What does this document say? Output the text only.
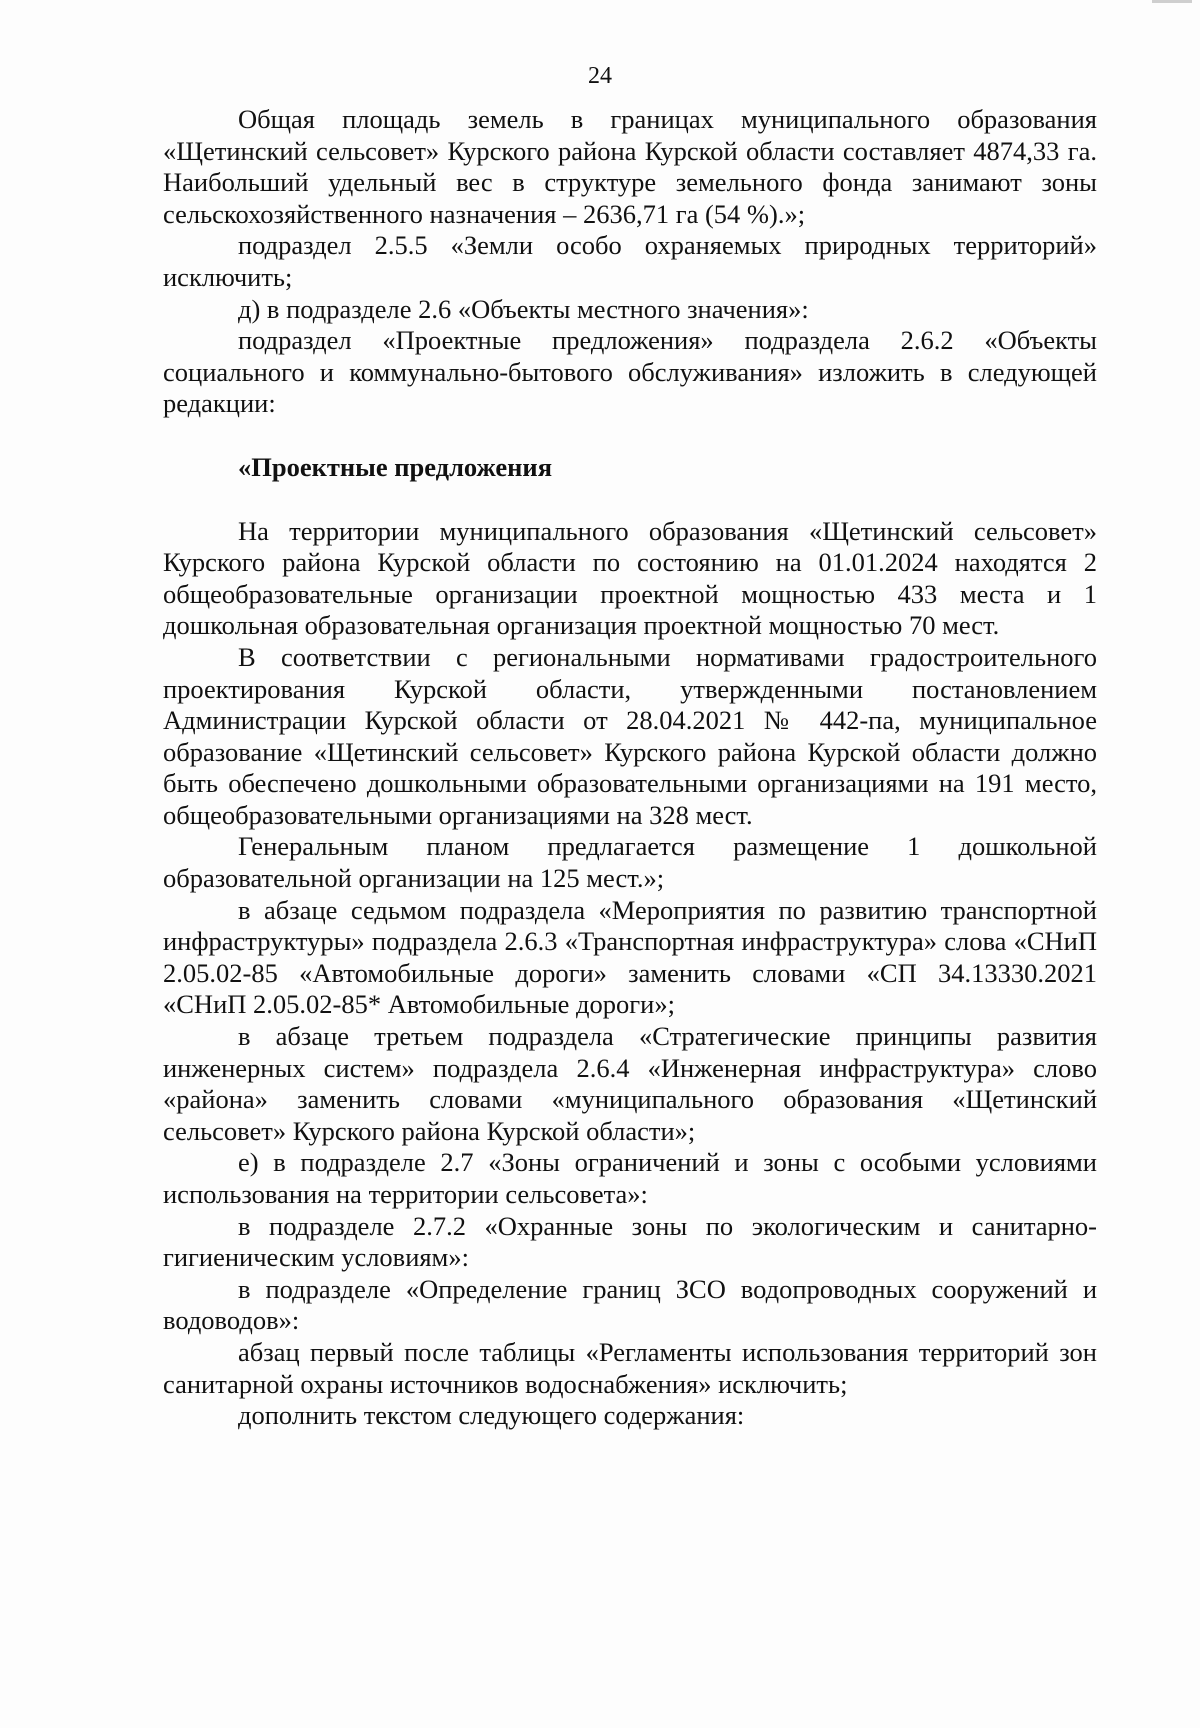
24

Общая площадь земель в границах муниципального образования «Щетинский сельсовет» Курского района Курской области составляет 4874,33 га. Наибольший удельный вес в структуре земельного фонда занимают зоны сельскохозяйственного назначения – 2636,71 га (54 %).»;

подраздел 2.5.5 «Земли особо охраняемых природных территорий» исключить;

д) в подразделе 2.6 «Объекты местного значения»:

подраздел «Проектные предложения» подраздела 2.6.2 «Объекты социального и коммунально-бытового обслуживания» изложить в следующей редакции:

«Проектные предложения

На территории муниципального образования «Щетинский сельсовет» Курского района Курской области по состоянию на 01.01.2024 находятся 2 общеобразовательные организации проектной мощностью 433 места и 1 дошкольная образовательная организация проектной мощностью 70 мест.

В соответствии с региональными нормативами градостроительного проектирования Курской области, утвержденными постановлением Администрации Курской области от 28.04.2021 № 442-па, муниципальное образование «Щетинский сельсовет» Курского района Курской области должно быть обеспечено дошкольными образовательными организациями на 191 место, общеобразовательными организациями на 328 мест.

Генеральным планом предлагается размещение 1 дошкольной образовательной организации на 125 мест.»;

в абзаце седьмом подраздела «Мероприятия по развитию транспортной инфраструктуры» подраздела 2.6.3 «Транспортная инфраструктура» слова «СНиП 2.05.02-85 «Автомобильные дороги» заменить словами «СП 34.13330.2021 «СНиП 2.05.02-85* Автомобильные дороги»;

в абзаце третьем подраздела «Стратегические принципы развития инженерных систем» подраздела 2.6.4 «Инженерная инфраструктура» слово «района» заменить словами «муниципального образования «Щетинский сельсовет» Курского района Курской области»;

е) в подразделе 2.7 «Зоны ограничений и зоны с особыми условиями использования на территории сельсовета»:

в подразделе 2.7.2 «Охранные зоны по экологическим и санитарно-гигиеническим условиям»:

в подразделе «Определение границ ЗСО водопроводных сооружений и водоводов»:

абзац первый после таблицы «Регламенты использования территорий зон санитарной охраны источников водоснабжения» исключить;

дополнить текстом следующего содержания:
